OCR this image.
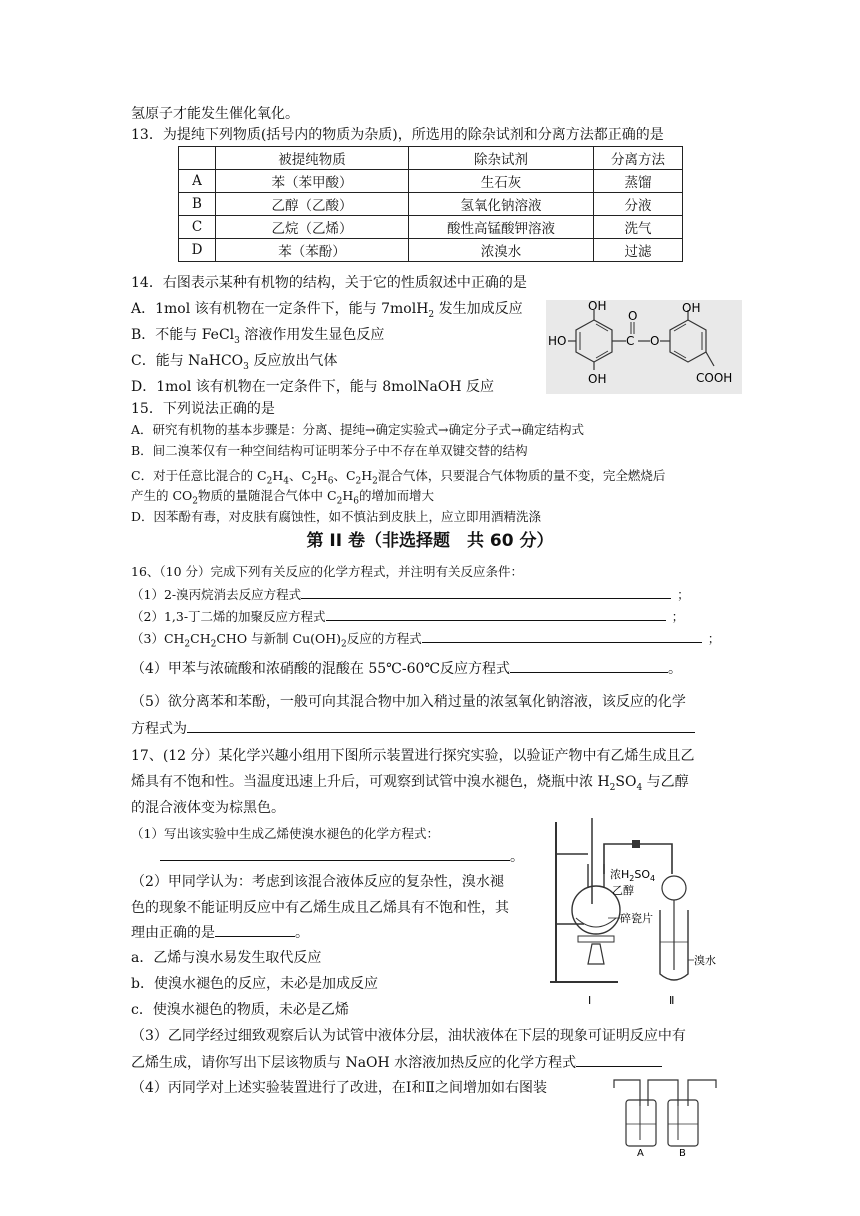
氢原子才能发生催化氧化。
13．为提纯下列物质(括号内的物质为杂质)，所选用的除杂试剂和分离方法都正确的是
	被提纯物质	除杂试剂	分离方法
A	苯（苯甲酸）	生石灰	蒸馏
B	乙醇（乙酸）	氢氧化钠溶液	分液
C	乙烷（乙烯）	酸性高锰酸钾溶液	洗气
D	苯（苯酚）	浓溴水	过滤
14．右图表示某种有机物的结构，关于它的性质叙述中正确的是
A．1mol 该有机物在一定条件下，能与 7molH$_2$ 发生加成反应
B．不能与 FeCl$_3$ 溶液作用发生显色反应
C．能与 NaHCO$_3$ 反应放出气体
D．1mol 该有机物在一定条件下，能与 8molNaOH 反应
OH
HO
OH
C
O
O
OH
COOH
15．下列说法正确的是
A．研究有机物的基本步骤是：分离、提纯→确定实验式→确定分子式→确定结构式
B．间二溴苯仅有一种空间结构可证明苯分子中不存在单双键交替的结构
C．对于任意比混合的 $C_2H_4$、$C_2H_6$、$C_2H_2$混合气体，只要混合气体物质的量不变，完全燃烧后
产生的 $CO_2$物质的量随混合气体中 $C_2H_6$的增加而增大
D．因苯酚有毒，对皮肤有腐蚀性，如不慎沾到皮肤上，应立即用酒精洗涤
第 II 卷（非选择题　共 60 分）
16、（10 分）完成下列有关反应的化学方程式，并注明有关反应条件：
（1）2-溴丙烷消去反应方程式	；
（2）1,3-丁二烯的加聚反应方程式	；
$(3)CH_2CH_2CHO$ 与新制 $Cu(OH)_2$反应的方程式	；
（4）甲苯与浓硫酸和浓硝酸的混酸在 55℃-60℃反应方程式	。
（5）欲分离苯和苯酚，一般可向其混合物中加入稍过量的浓氢氧化钠溶液，该反应的化学
方程式为
17、(12 分）某化学兴趣小组用下图所示装置进行探究实验，以验证产物中有乙烯生成且乙
烯具有不饱和性。当温度迅速上升后，可观察到试管中溴水褪色，烧瓶中浓 $H_2SO_4$ 与乙醇
的混合液体变为棕黑色。
（1）写出该实验中生成乙烯使溴水褪色的化学方程式：
。
（2）甲同学认为：考虑到该混合液体反应的复杂性，溴水褪
色的现象不能证明反应中有乙烯生成且乙烯具有不饱和性，其
理由正确的是	。
a．乙烯与溴水易发生取代反应
b．使溴水褪色的反应，未必是加成反应
c．使溴水褪色的物质，未必是乙烯
（3）乙同学经过细致观察后认为试管中液体分层，油状液体在下层的现象可证明反应中有
乙烯生成，请你写出下层该物质与 NaOH 水溶液加热反应的化学方程式
（4）丙同学对上述实验装置进行了改进，在Ⅰ和Ⅱ之间增加如右图装
浓$H_2SO_4$
乙醇
碎瓷片
溴水
Ⅰ	Ⅱ
A	B
